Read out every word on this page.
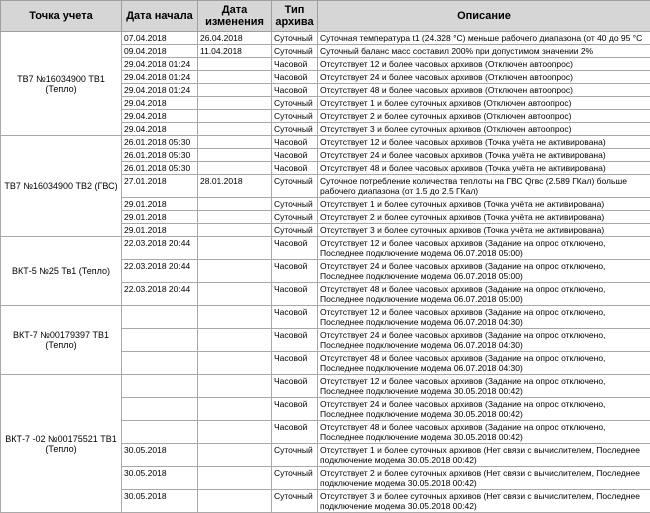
Точка учета	Дата начала	Дата изменения	Тип архива	Описание
ТВ7 №16034900 ТВ1 (Тепло)	07.04.2018	26.04.2018	Суточный	Суточная температура t1 (24.328 °C) меньше рабочего диапазона (от 40 до 95 °C
	09.04.2018	11.04.2018	Суточный	Суточный баланс масс составил 200% при допустимом значении 2%
	29.04.2018 01:24		Часовой	Отсутствует 12 и более часовых архивов (Отключен автоопрос)
	29.04.2018 01:24		Часовой	Отсутствует 24 и более часовых архивов (Отключен автоопрос)
	29.04.2018 01:24		Часовой	Отсутствует 48 и более часовых архивов (Отключен автоопрос)
	29.04.2018		Суточный	Отсутствует 1 и более суточных архивов (Отключен автоопрос)
	29.04.2018		Суточный	Отсутствует 2 и более суточных архивов (Отключен автоопрос)
	29.04.2018		Суточный	Отсутствует 3 и более суточных архивов (Отключен автоопрос)
ТВ7 №16034900 ТВ2 (ГВС)	26.01.2018 05:30		Часовой	Отсутствует 12 и более часовых архивов (Точка учёта не активирована)
	26.01.2018 05:30		Часовой	Отсутствует 24 и более часовых архивов (Точка учёта не активирована)
	26.01.2018 05:30		Часовой	Отсутствует 48 и более часовых архивов (Точка учёта не активирована)
	27.01.2018	28.01.2018	Суточный	Суточное потребление количества теплоты на ГВС Qгвс (2.589 ГКал) больше рабочего диапазона (от 1.5 до 2.5 ГКал)
	29.01.2018		Суточный	Отсутствует 1 и более суточных архивов (Точка учёта не активирована)
	29.01.2018		Суточный	Отсутствует 2 и более суточных архивов (Точка учёта не активирована)
	29.01.2018		Суточный	Отсутствует 3 и более суточных архивов (Точка учёта не активирована)
ВКТ-5 №25 Тв1 (Тепло)	22.03.2018 20:44		Часовой	Отсутствует 12 и более часовых архивов (Задание на опрос отключено, Последнее подключение модема 06.07.2018 05:00)
	22.03.2018 20:44		Часовой	Отсутствует 24 и более часовых архивов (Задание на опрос отключено, Последнее подключение модема 06.07.2018 05:00)
	22.03.2018 20:44		Часовой	Отсутствует 48 и более часовых архивов (Задание на опрос отключено, Последнее подключение модема 06.07.2018 05:00)
ВКТ-7 №00179397 ТВ1 (Тепло)			Часовой	Отсутствует 12 и более часовых архивов (Задание на опрос отключено, Последнее подключение модема 06.07.2018 04:30)
			Часовой	Отсутствует 24 и более часовых архивов (Задание на опрос отключено, Последнее подключение модема 06.07.2018 04:30)
			Часовой	Отсутствует 48 и более часовых архивов (Задание на опрос отключено, Последнее подключение модема 06.07.2018 04:30)
ВКТ-7 -02 №00175521 ТВ1 (Тепло)			Часовой	Отсутствует 12 и более часовых архивов (Задание на опрос отключено, Последнее подключение модема 30.05.2018 00:42)
			Часовой	Отсутствует 24 и более часовых архивов (Задание на опрос отключено, Последнее подключение модема 30.05.2018 00:42)
			Часовой	Отсутствует 48 и более часовых архивов (Задание на опрос отключено, Последнее подключение модема 30.05.2018 00:42)
	30.05.2018		Суточный	Отсутствует 1 и более суточных архивов (Нет связи с вычислителем, Последнее подключение модема 30.05.2018 00:42)
	30.05.2018		Суточный	Отсутствует 2 и более суточных архивов (Нет связи с вычислителем, Последнее подключение модема 30.05.2018 00:42)
	30.05.2018		Суточный	Отсутствует 3 и более суточных архивов (Нет связи с вычислителем, Последнее подключение модема 30.05.2018 00:42)
